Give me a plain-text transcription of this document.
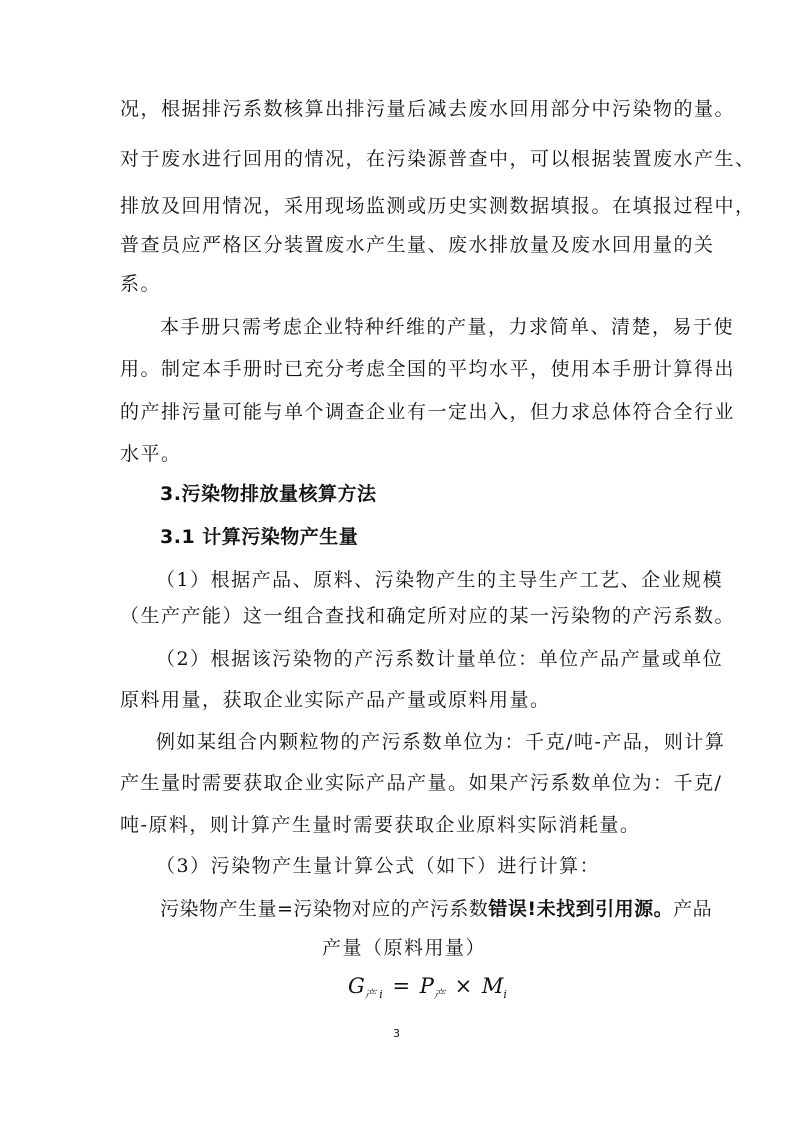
况，根据排污系数核算出排污量后减去废水回用部分中污染物的量。
对于废水进行回用的情况，在污染源普查中，可以根据装置废水产生、
排放及回用情况，采用现场监测或历史实测数据填报。在填报过程中，
普查员应严格区分装置废水产生量、废水排放量及废水回用量的关
系。
本手册只需考虑企业特种纤维的产量，力求简单、清楚，易于使
用。制定本手册时已充分考虑全国的平均水平，使用本手册计算得出
的产排污量可能与单个调查企业有一定出入，但力求总体符合全行业
水平。
3.污染物排放量核算方法
3.1 计算污染物产生量
（1）根据产品、原料、污染物产生的主导生产工艺、企业规模
（生产产能）这一组合查找和确定所对应的某一污染物的产污系数。
（2）根据该污染物的产污系数计量单位：单位产品产量或单位
原料用量，获取企业实际产品产量或原料用量。
例如某组合内颗粒物的产污系数单位为：千克/吨-产品，则计算
产生量时需要获取企业实际产品产量。如果产污系数单位为：千克/
吨-原料，则计算产生量时需要获取企业原料实际消耗量。
（3）污染物产生量计算公式（如下）进行计算：
污染物产生量=污染物对应的产污系数错误!未找到引用源。产品
产量（原料用量）
$G_{产 i} = P_产 \times M_i$
3
